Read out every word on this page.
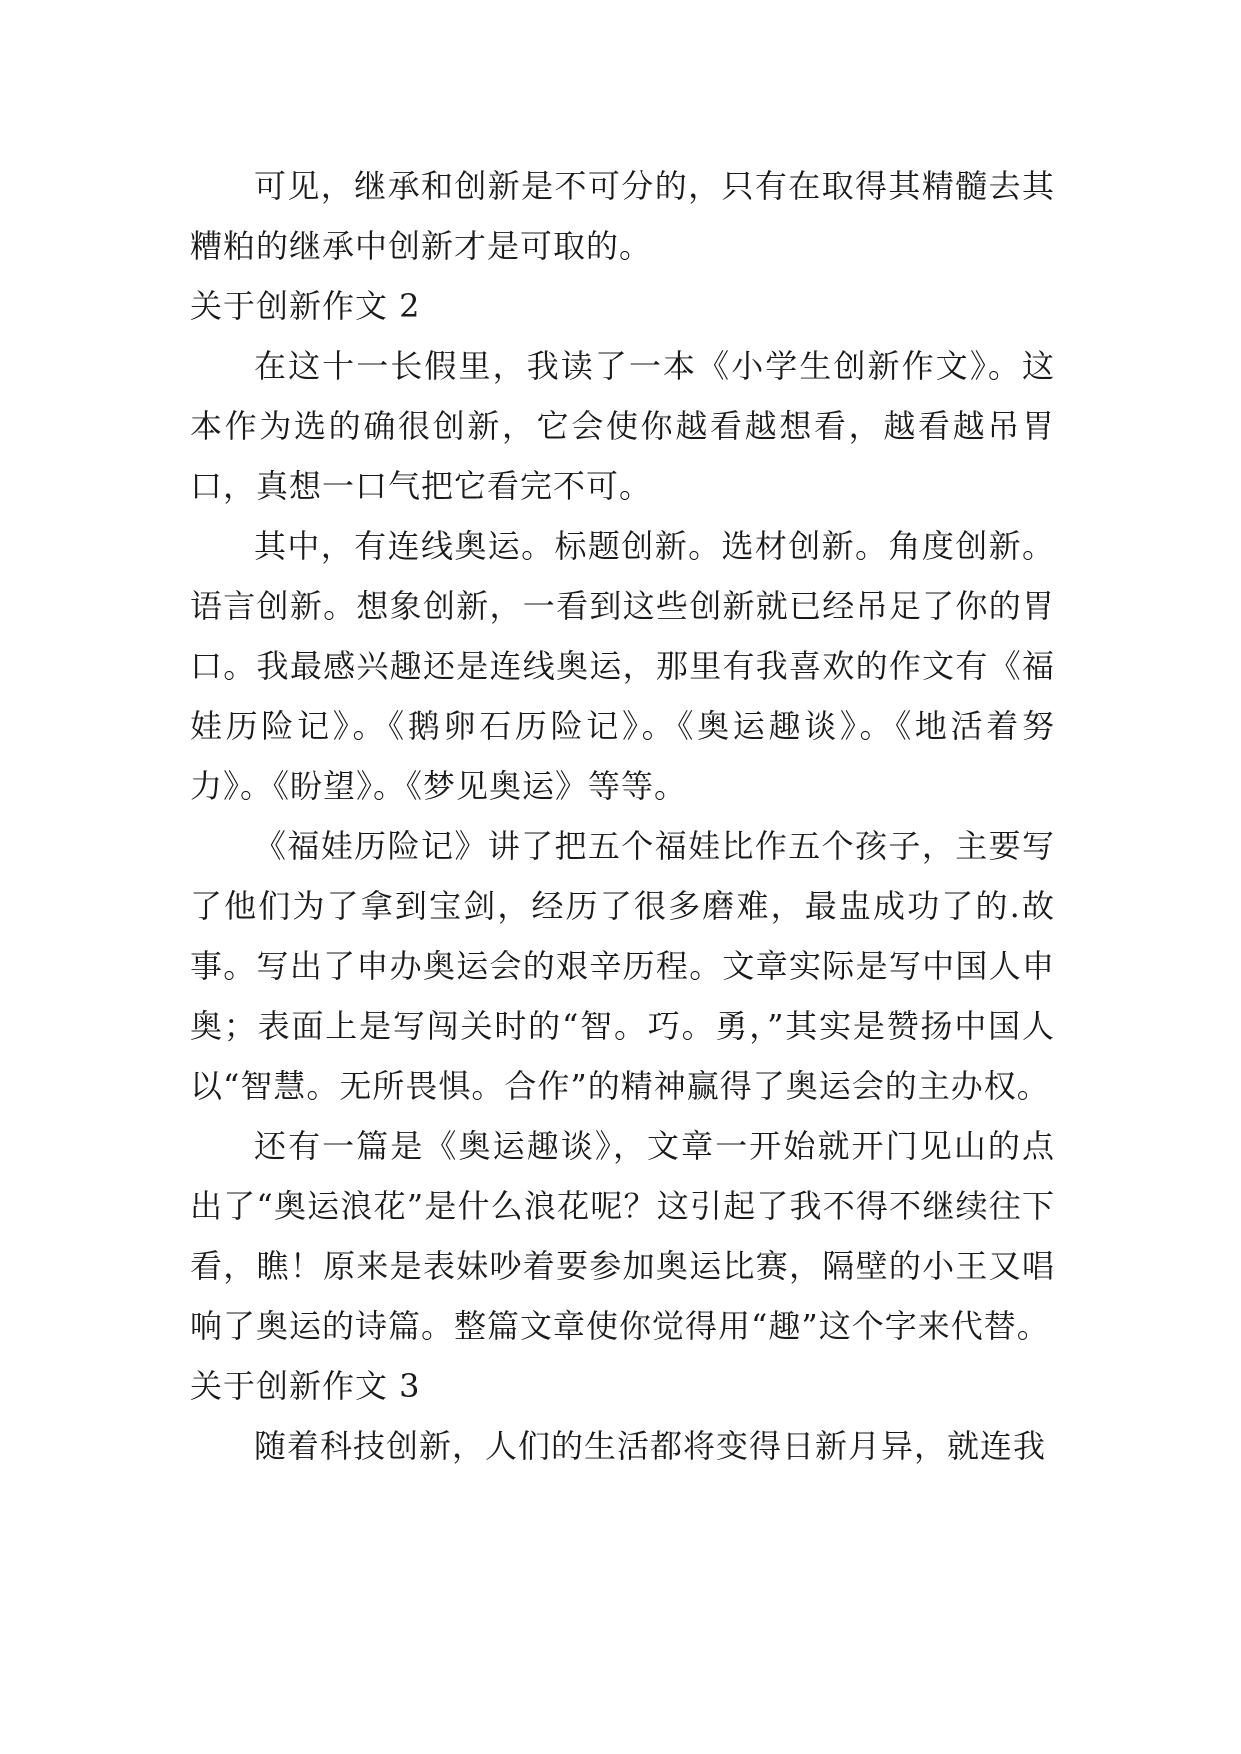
可见，继承和创新是不可分的，只有在取得其精髓去其糟粕的继承中创新才是可取的。

关于创新作文 2

在这十一长假里，我读了一本《小学生创新作文》。这本作为选的确很创新，它会使你越看越想看，越看越吊胃口，真想一口气把它看完不可。

其中，有连线奥运。标题创新。选材创新。角度创新。语言创新。想象创新，一看到这些创新就已经吊足了你的胃口。我最感兴趣还是连线奥运，那里有我喜欢的作文有《福娃历险记》。《鹅卵石历险记》。《奥运趣谈》。《地活着努力》。《盼望》。《梦见奥运》等等。

《福娃历险记》讲了把五个福娃比作五个孩子，主要写了他们为了拿到宝剑，经历了很多磨难，最盅成功了的.故事。写出了申办奥运会的艰辛历程。文章实际是写中国人申奥；表面上是写闯关时的“智。巧。勇，”其实是赞扬中国人以“智慧。无所畏惧。合作”的精神赢得了奥运会的主办权。

还有一篇是《奥运趣谈》，文章一开始就开门见山的点出了“奥运浪花”是什么浪花呢？这引起了我不得不继续往下看，瞧！原来是表妹吵着要参加奥运比赛，隔壁的小王又唱响了奥运的诗篇。整篇文章使你觉得用“趣”这个字来代替。

关于创新作文 3

随着科技创新，人们的生活都将变得日新月异，就连我
